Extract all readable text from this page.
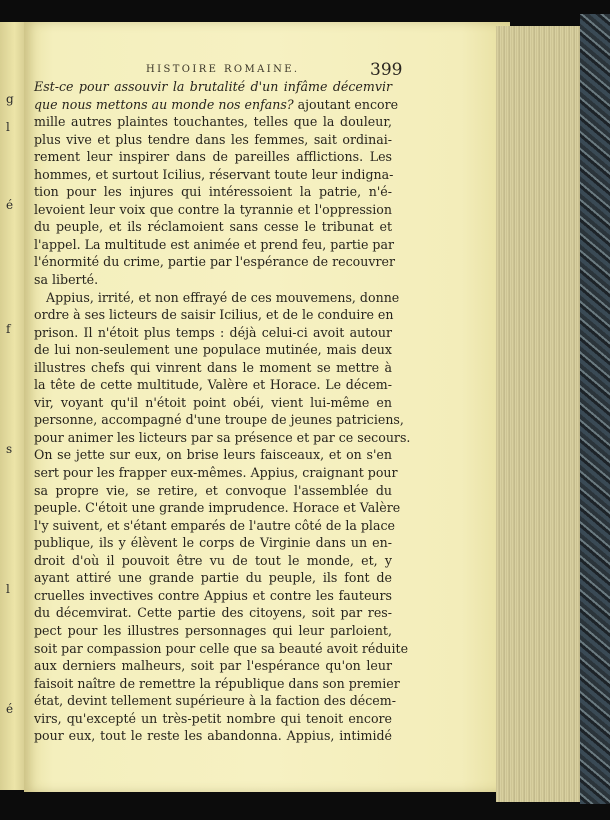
g
l
é
f
s
l
é
HISTOIRE ROMAINE.	399
Est-ce pour assouvir la brutalité d'un infâme décemvir
que nous mettons au monde nos enfans? ajoutant encore
mille autres plaintes touchantes, telles que la douleur,
plus vive et plus tendre dans les femmes, sait ordinai-
rement leur inspirer dans de pareilles afflictions. Les
hommes, et surtout Icilius, réservant toute leur indigna-
tion pour les injures qui intéressoient la patrie, n'é-
levoient leur voix que contre la tyrannie et l'oppression
du peuple, et ils réclamoient sans cesse le tribunat et
l'appel. La multitude est animée et prend feu, partie par
l'énormité du crime, partie par l'espérance de recouvrer
sa liberté.
Appius, irrité, et non effrayé de ces mouvemens, donne
ordre à ses licteurs de saisir Icilius, et de le conduire en
prison. Il n'étoit plus temps : déjà celui-ci avoit autour
de lui non-seulement une populace mutinée, mais deux
illustres chefs qui vinrent dans le moment se mettre à
la tête de cette multitude, Valère et Horace. Le décem-
vir, voyant qu'il n'étoit point obéi, vient lui-même en
personne, accompagné d'une troupe de jeunes patriciens,
pour animer les licteurs par sa présence et par ce secours.
On se jette sur eux, on brise leurs faisceaux, et on s'en
sert pour les frapper eux-mêmes. Appius, craignant pour
sa propre vie, se retire, et convoque l'assemblée du
peuple. C'étoit une grande imprudence. Horace et Valère
l'y suivent, et s'étant emparés de l'autre côté de la place
publique, ils y élèvent le corps de Virginie dans un en-
droit d'où il pouvoit être vu de tout le monde, et, y
ayant attiré une grande partie du peuple, ils font de
cruelles invectives contre Appius et contre les fauteurs
du décemvirat. Cette partie des citoyens, soit par res-
pect pour les illustres personnages qui leur parloient,
soit par compassion pour celle que sa beauté avoit réduite
aux derniers malheurs, soit par l'espérance qu'on leur
faisoit naître de remettre la république dans son premier
état, devint tellement supérieure à la faction des décem-
virs, qu'excepté un très-petit nombre qui tenoit encore
pour eux, tout le reste les abandonna. Appius, intimidé
